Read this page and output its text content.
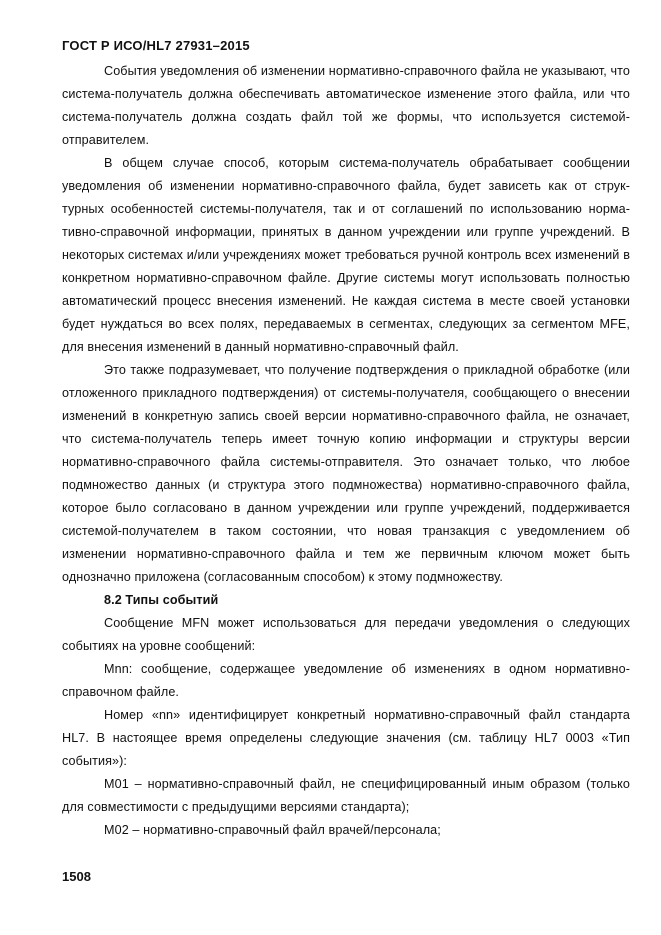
ГОСТ Р ИСО/HL7 27931–2015

События уведомления об изменении нормативно-справочного файла не указывают, что система-получатель должна обеспечивать автоматическое изменение этого файла, или что система-получатель должна создать файл той же формы, что используется системой-отправителем.

В общем случае способ, которым система-получатель обрабатывает сообщении уведомления об изменении нормативно-справочного файла, будет зависеть как от структурных особенностей системы-получателя, так и от соглашений по использованию нормативно-справочной информации, принятых в данном учреждении или группе учреждений. В некоторых системах и/или учреждениях может требоваться ручной контроль всех изменений в конкретном нормативно-справочном файле. Другие системы могут использовать полностью автоматический процесс внесения изменений. Не каждая система в месте своей установки будет нуждаться во всех полях, передаваемых в сегментах, следующих за сегментом MFE, для внесения изменений в данный нормативно-справочный файл.

Это также подразумевает, что получение подтверждения о прикладной обработке (или отложенного прикладного подтверждения) от системы-получателя, сообщающего о внесении изменений в конкретную запись своей версии нормативно-справочного файла, не означает, что система-получатель теперь имеет точную копию информации и структуры версии нормативно-справочного файла системы-отправителя. Это означает только, что любое подмножество данных (и структура этого подмножества) нормативно-справочного файла, которое было согласовано в данном учреждении или группе учреждений, поддерживается системой-получателем в таком состоянии, что новая транзакция с уведомлением об изменении нормативно-справочного файла и тем же первичным ключом может быть однозначно приложена (согласованным способом) к этому подмножеству.

8.2 Типы событий

Сообщение MFN может использоваться для передачи уведомления о следующих событиях на уровне сообщений:

Mnn: сообщение, содержащее уведомление об изменениях в одном нормативно-справочном файле.

Номер «nn» идентифицирует конкретный нормативно-справочный файл стандарта HL7. В настоящее время определены следующие значения (см. таблицу HL7 0003 «Тип события»):

M01 – нормативно-справочный файл, не специфицированный иным образом (только для совместимости с предыдущими версиями стандарта);

M02 – нормативно-справочный файл врачей/персонала;

1508
